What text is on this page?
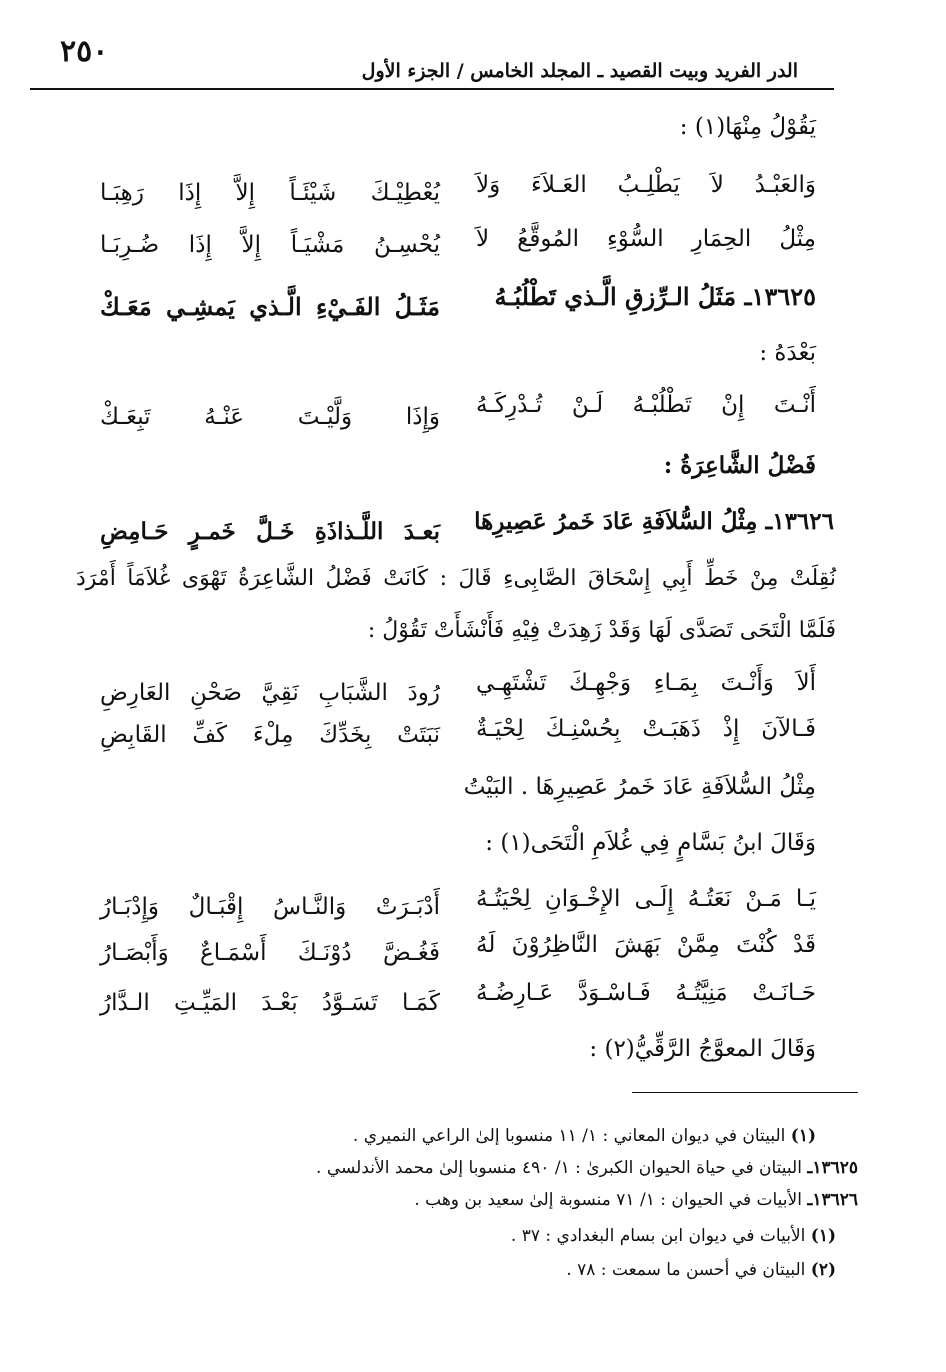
٢٥٠
الدر الفريد وبيت القصيد ـ المجلد الخامس / الجزء الأول
يَقُوْلُ مِنْهَا(١) :
وَالعَبْـدُ لاَ يَطْلِـبُ العَـلاَءَ وَلاَ
يُعْطِيْـكَ شَيْئَـاً إِلاَّ إِذَا رَهِبَـا
مِثْلُ الحِمَارِ السُّوْءِ المُوقَّعُ لاَ
يُحْسِـنُ مَشْيَـاً إِلاَّ إِذَا ضُـرِبَـا
١٣٦٢٥ـ مَثَلُ الـرِّزقِ الَّـذي تَطْلُبُـهُ
مَثَـلُ الفَـيْءِ الَّـذي يَمشِـي مَعَـكْ
بَعْدَهُ :
أَنْـتَ إِنْ تَطْلُبْـهُ لَـنْ تُـدْرِكَـهُ
وَإِذَا وَلَّيْـتَ عَنْـهُ تَبِعَـكْ
فَضْلُ الشَّاعِرَةُ :
١٣٦٢٦ـ مِثْلُ السُّلاَفَةِ عَادَ خَمرُ عَصِيرِهَا
بَعـدَ اللَّـذاذَةِ خَـلَّ خَمـرٍ حَـامِضِ
نُقِلَتْ مِنْ خَطِّ أَبِي إِسْحَاقَ الصَّابِىءِ قَالَ : كَانَتْ فَضْلُ الشَّاعِرَةُ تَهْوَى غُلاَمَاً أَمْرَدَ
فَلَمَّا الْتَحَى تَصَدَّى لَهَا وَقَدْ زَهِدَتْ فِيْهِ فَأَنْشَأَتْ تَقُوْلُ :
أَلاَ وَأَنْـتَ بِمَـاءِ وَجْهِـكَ تَشْتَهِـي
رُودَ الشَّبَابِ نَقِيَّ صَحْنِ العَارِضِ
فَـالآنَ إِذْ ذَهَبَـتْ بِحُسْنِـكَ لِحْيَـةٌ
نَبَتَتْ بِخَدِّكَ مِلْءَ كَفِّ القَابِضِ
مِثْلُ السُّلاَفَةِ عَادَ خَمرُ عَصِيرِهَا . البَيْتُ
وَقَالَ ابنُ بَسَّامٍ فِي غُلاَمِ الْتَحَى(١) :
يَـا مَـنْ نَعَتُـهُ إِلَـى الإِخْـوَانِ لِحْيَتُـهُ
أَدْبَـرَتْ وَالنَّـاسُ إِقْبَـالٌ وَإِدْبَـارُ
قَدْ كُنْتَ مِمَّنْ بَهَشَ النَّاظِرُوْنَ لَهُ
فَغُـضَّ دُوْنَـكَ أَسْمَـاعٌ وَأَبْصَـارُ
حَـانَـتْ مَنِيَّتُـهُ فَـاسْـوَدَّ عَـارِضُـهُ
كَمَـا تَسَـوَّدُ بَعْـدَ المَيِّـتِ الـدَّارُ
وَقَالَ المعوَّجُ الرَّقِّيُّ(٢) :
(١) البيتان في ديوان المعاني : ١/ ١١ منسوبا إلىٰ الراعي النميري .
١٣٦٢٥ـ البيتان في حياة الحيوان الكبرىٰ : ١/ ٤٩٠ منسوبا إلىٰ محمد الأندلسي .
١٣٦٢٦ـ الأبيات في الحيوان : ١/ ٧١ منسوبة إلىٰ سعيد بن وهب .
(١) الأبيات في ديوان ابن بسام البغدادي : ٣٧ .
(٢) البيتان في أحسن ما سمعت : ٧٨ .
